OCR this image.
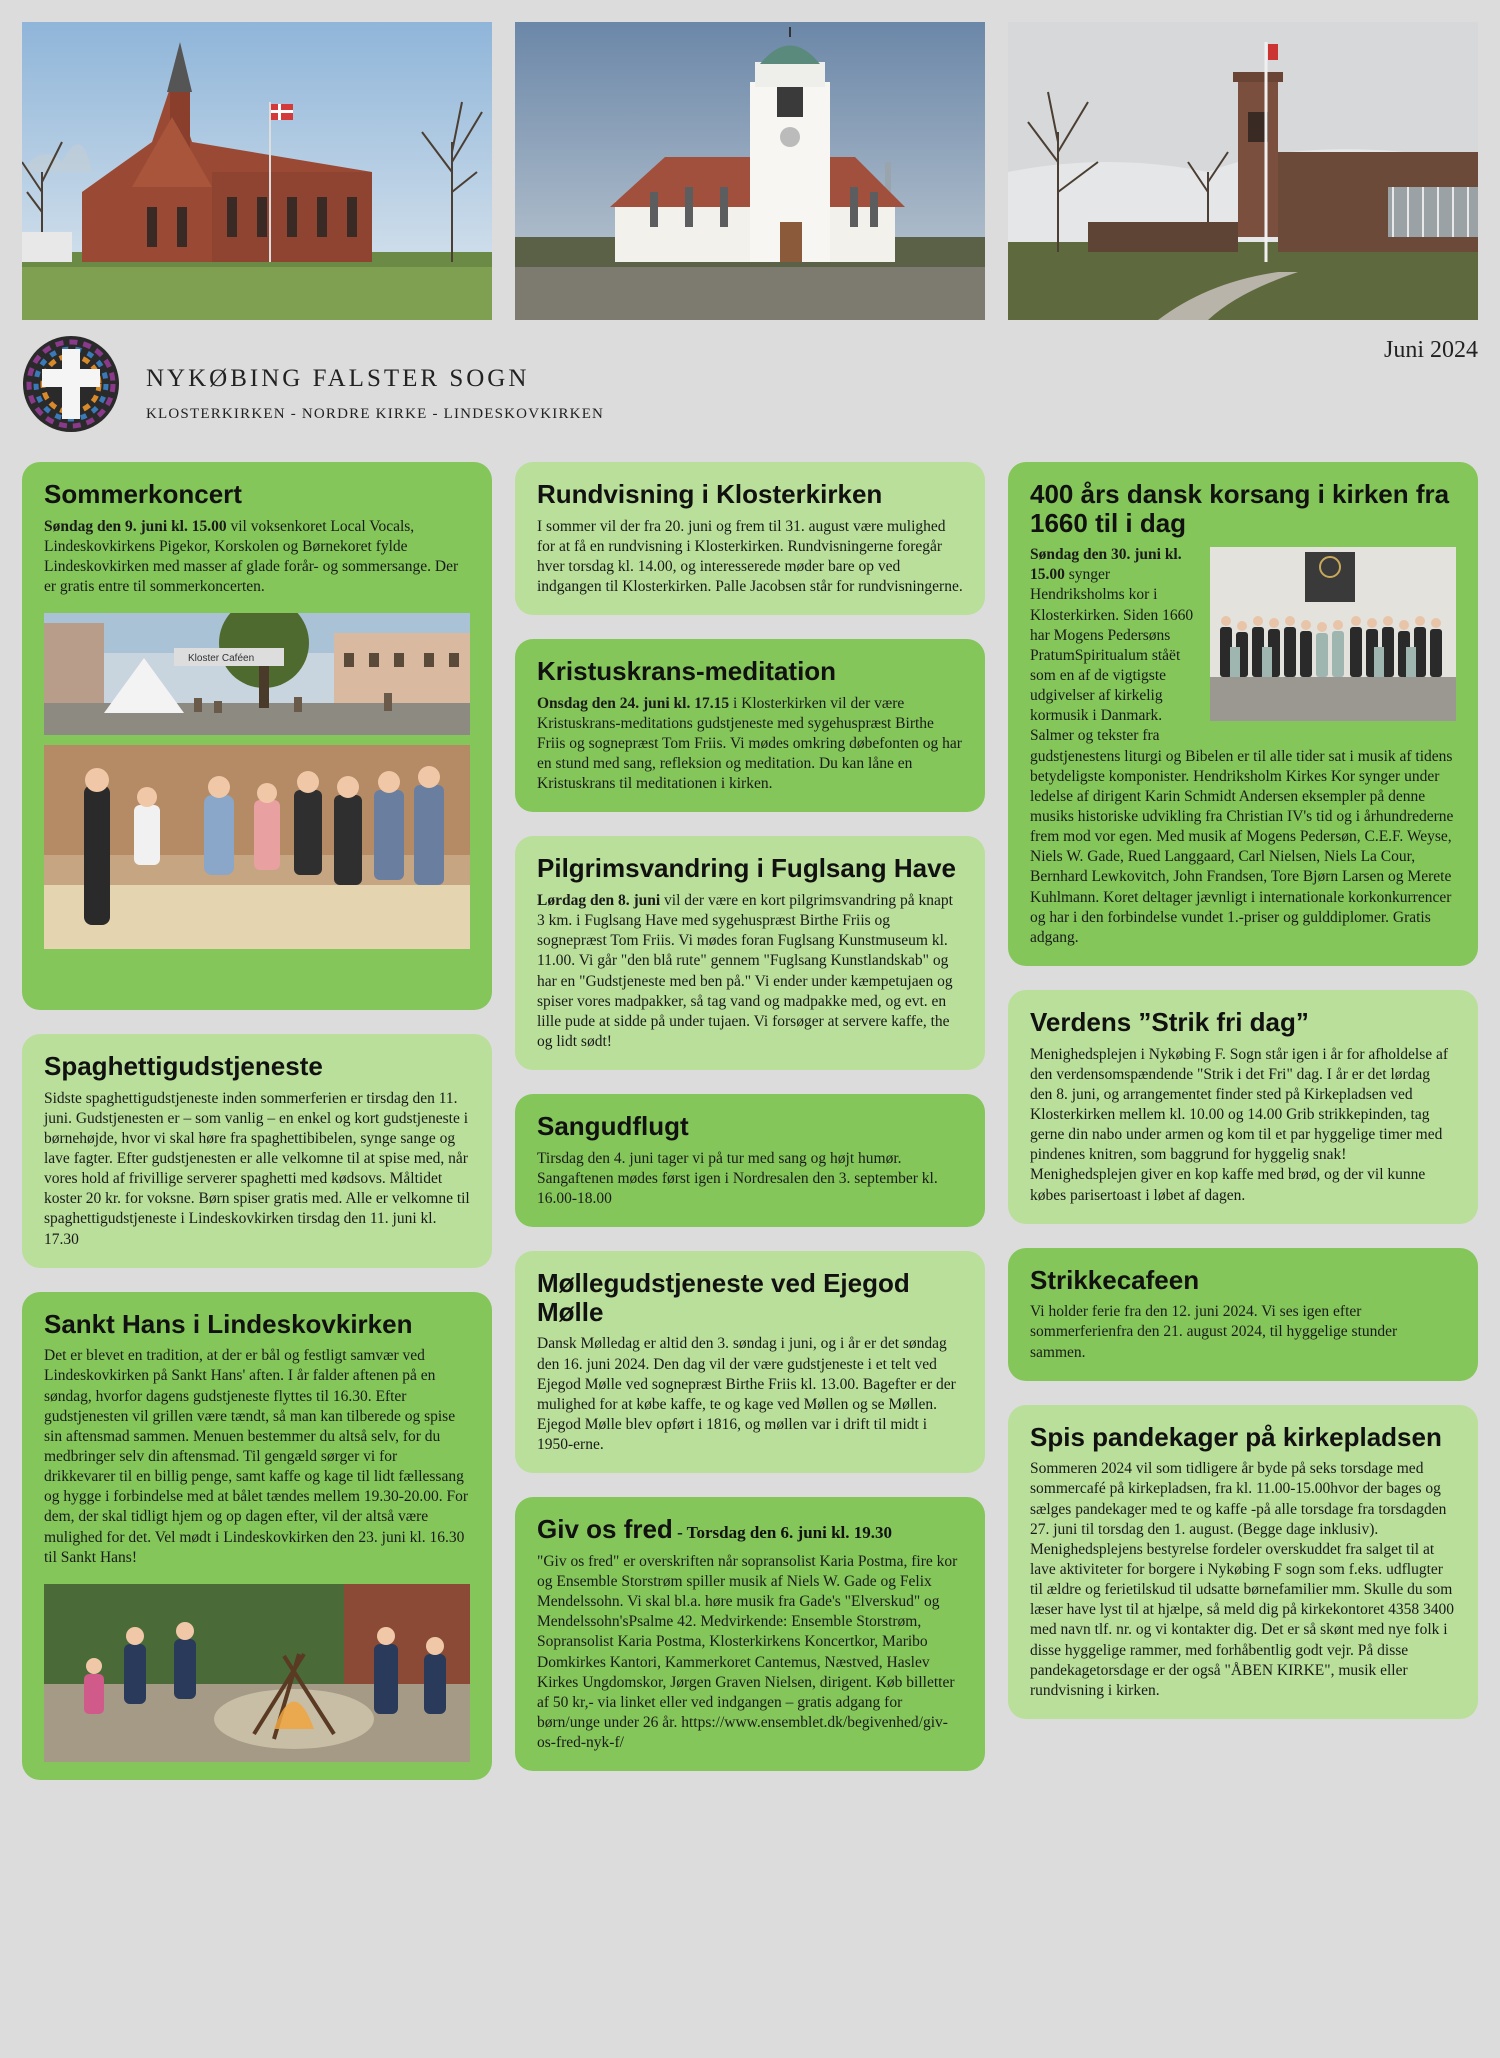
NYKØBING FALSTER SOGN
KLOSTERKIRKEN - NORDRE KIRKE - LINDESKOVKIRKEN
Juni 2024
Sommerkoncert

Søndag den 9. juni kl. 15.00 vil voksenkoret Local Vocals, Lindeskovkirkens Pigekor, Korskolen og Børnekoret fylde Lindeskovkirken med masser af glade forår- og sommersange. Der er gratis entre til sommerkoncerten.

Kloster Caféen
Spaghettigudstjeneste

Sidste spaghettigudstjeneste inden sommerferien er tirsdag den 11. juni. Gudstjenesten er – som vanlig – en enkel og kort gudstjeneste i børnehøjde, hvor vi skal høre fra spaghettibibelen, synge sange og lave fagter. Efter gudstjenesten er alle velkomne til at spise med, når vores hold af frivillige serverer spaghetti med kødsovs. Måltidet koster 20 kr. for voksne. Børn spiser gratis med. Alle er velkomne til spaghettigudstjeneste i Lindeskovkirken tirsdag den 11. juni kl. 17.30

Sankt Hans i Lindeskovkirken

Det er blevet en tradition, at der er bål og festligt samvær ved Lindeskovkirken på Sankt Hans' aften. I år falder aftenen på en søndag, hvorfor dagens gudstjeneste flyttes til 16.30. Efter gudstjenesten vil grillen være tændt, så man kan tilberede og spise sin aftensmad sammen. Menuen bestemmer du altså selv, for du medbringer selv din aftensmad. Til gengæld sørger vi for drikkevarer til en billig penge, samt kaffe og kage til lidt fællessang og hygge i forbindelse med at bålet tændes mellem 19.30-20.00. For dem, der skal tidligt hjem og op dagen efter, vil der altså være mulighed for det. Vel mødt i Lindeskovkirken den 23. juni kl. 16.30 til Sankt Hans!

Rundvisning i Klosterkirken

I sommer vil der fra 20. juni og frem til 31. august være mulighed for at få en rundvisning i Klosterkirken. Rundvisningerne foregår hver torsdag kl. 14.00, og interesserede møder bare op ved indgangen til Klosterkirken. Palle Jacobsen står for rundvisningerne.

Kristuskrans-meditation

Onsdag den 24. juni kl. 17.15 i Klosterkirken vil der være Kristuskrans-meditations gudstjeneste med sygehuspræst Birthe Friis og sognepræst Tom Friis. Vi mødes omkring døbefonten og har en stund med sang, refleksion og meditation. Du kan låne en Kristuskrans til meditationen i kirken.

Pilgrimsvandring i Fuglsang Have

Lørdag den 8. juni vil der være en kort pilgrimsvandring på knapt 3 km. i Fuglsang Have med sygehuspræst Birthe Friis og sognepræst Tom Friis. Vi mødes foran Fuglsang Kunstmuseum kl. 11.00. Vi går "den blå rute" gennem "Fuglsang Kunstlandskab" og har en "Gudstjeneste med ben på." Vi ender under kæmpetujaen og spiser vores madpakker, så tag vand og madpakke med, og evt. en lille pude at sidde på under tujaen. Vi forsøger at servere kaffe, the og lidt sødt!

Sangudflugt

Tirsdag den 4. juni tager vi på tur med sang og højt humør. Sangaftenen mødes først igen i Nordresalen den 3. september kl. 16.00-18.00

Møllegudstjeneste ved Ejegod Mølle

Dansk Mølledag er altid den 3. søndag i juni, og i år er det søndag den 16. juni 2024. Den dag vil der være gudstjeneste i et telt ved Ejegod Mølle ved sognepræst Birthe Friis kl. 13.00. Bagefter er der mulighed for at købe kaffe, te og kage ved Møllen og se Møllen. Ejegod Mølle blev opført i 1816, og møllen var i drift til midt i 1950-erne.

Giv os fred - Torsdag den 6. juni kl. 19.30

"Giv os fred" er overskriften når sopransolist Karia Postma, fire kor og Ensemble Storstrøm spiller musik af Niels W. Gade og Felix Mendelssohn. Vi skal bl.a. høre musik fra Gade's "Elverskud" og Mendelssohn'sPsalme 42. Medvirkende: Ensemble Storstrøm, Sopransolist Karia Postma, Klosterkirkens Koncertkor, Maribo Domkirkes Kantori, Kammerkoret Cantemus, Næstved, Haslev Kirkes Ungdomskor, Jørgen Graven Nielsen, dirigent. Køb billetter af 50 kr,- via linket eller ved indgangen – gratis adgang for børn/unge under 26 år. https://www.ensemblet.dk/begivenhed/giv-os-fred-nyk-f/

400 års dansk korsang i kirken fra 1660 til i dag

Søndag den 30. juni kl. 15.00 synger Hendriksholms kor i Klosterkirken. Siden 1660 har Mogens Pedersøns PratumSpiritualum ståët som en af de vigtigste udgivelser af kirkelig kormusik i Danmark. Salmer og tekster fra gudstjenestens liturgi og Bibelen er til alle tider sat i musik af tidens betydeligste komponister. Hendriksholm Kirkes Kor synger under ledelse af dirigent Karin Schmidt Andersen eksempler på denne musiks historiske udvikling fra Christian IV's tid og i århundrederne frem mod vor egen. Med musik af Mogens Pedersøn, C.E.F. Weyse, Niels W. Gade, Rued Langgaard, Carl Nielsen, Niels La Cour, Bernhard Lewkovitch, John Frandsen, Tore Bjørn Larsen og Merete Kuhlmann. Koret deltager jævnligt i internationale korkonkurrencer og har i den forbindelse vundet 1.-priser og gulddiplomer. Gratis adgang.

Verdens ”Strik fri dag”

Menighedsplejen i Nykøbing F. Sogn står igen i år for afholdelse af den verdensomspændende "Strik i det Fri" dag. I år er det lørdag den 8. juni, og arrangementet finder sted på Kirkepladsen ved Klosterkirken mellem kl. 10.00 og 14.00 Grib strikkepinden, tag gerne din nabo under armen og kom til et par hyggelige timer med pindenes knitren, som baggrund for hyggelig snak! Menighedsplejen giver en kop kaffe med brød, og der vil kunne købes parisertoast i løbet af dagen.

Strikkecafeen

Vi holder ferie fra den 12. juni 2024. Vi ses igen efter sommerferienfra den 21. august 2024, til hyggelige stunder sammen.

Spis pandekager på kirkepladsen

Sommeren 2024 vil som tidligere år byde på seks torsdage med sommercafé på kirkepladsen, fra kl. 11.00-15.00hvor der bages og sælges pandekager med te og kaffe -på alle torsdage fra torsdagden 27. juni til torsdag den 1. august. (Begge dage inklusiv). Menighedsplejens bestyrelse fordeler overskuddet fra salget til at lave aktiviteter for borgere i Nykøbing F sogn som f.eks. udflugter til ældre og ferietilskud til udsatte børnefamilier mm. Skulle du som læser have lyst til at hjælpe, så meld dig på kirkekontoret 4358 3400 med navn tlf. nr. og vi kontakter dig. Det er så skønt med nye folk i disse hyggelige rammer, med forhåbentlig godt vejr. På disse pandekagetorsdage er der også "ÅBEN KIRKE", musik eller rundvisning i kirken.
